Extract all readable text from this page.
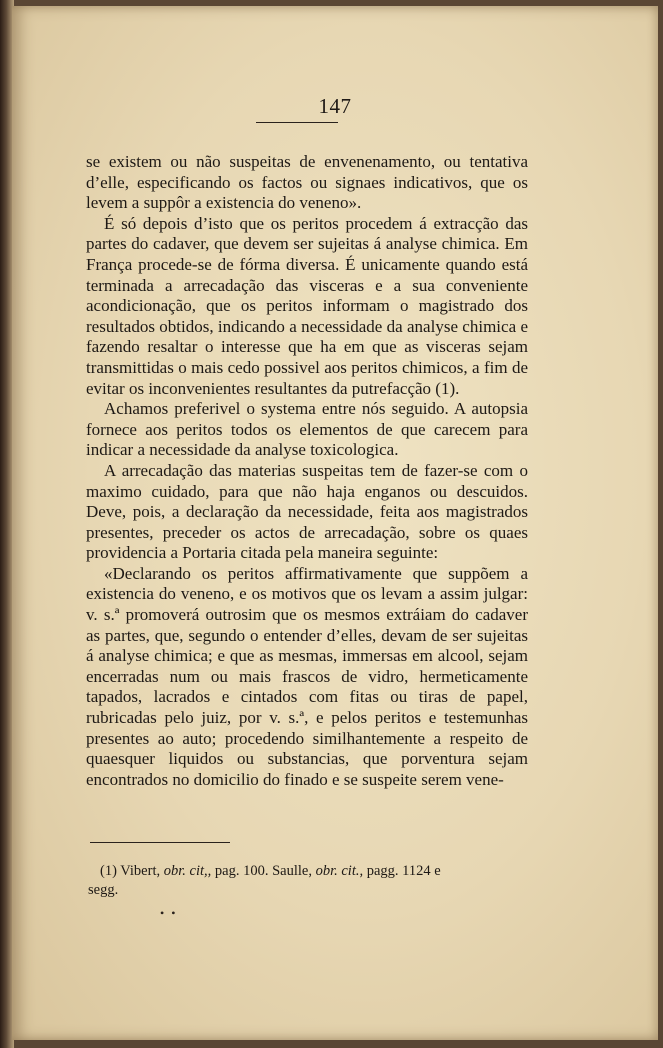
147

se existem ou não suspeitas de envenenamento, ou tentativa d’elle, especificando os factos ou signaes indicativos, que os levem a suppôr a existencia do veneno».

É só depois d’isto que os peritos procedem á extracção das partes do cadaver, que devem ser sujeitas á analyse chimica. Em França procede-se de fórma diversa. É unicamente quando está terminada a arrecadação das visceras e a sua conveniente acondicionação, que os peritos informam o magistrado dos resultados obtidos, indicando a necessidade da analyse chimica e fazendo resaltar o interesse que ha em que as visceras sejam transmittidas o mais cedo possivel aos peritos chimicos, a fim de evitar os inconvenientes resultantes da putrefacção (1).

Achamos preferivel o systema entre nós seguido. A autopsia fornece aos peritos todos os elementos de que carecem para indicar a necessidade da analyse toxicologica.

A arrecadação das materias suspeitas tem de fazer-se com o maximo cuidado, para que não haja enganos ou descuidos. Deve, pois, a declaração da necessidade, feita aos magistrados presentes, preceder os actos de arrecadação, sobre os quaes providencia a Portaria citada pela maneira seguinte:

«Declarando os peritos affirmativamente que suppõem a existencia do veneno, e os motivos que os levam a assim julgar: v. s.ª promoverá outrosim que os mesmos extráiam do cadaver as partes, que, segundo o entender d’elles, devam de ser sujeitas á analyse chimica; e que as mesmas, immersas em alcool, sejam encerradas num ou mais frascos de vidro, hermeticamente tapados, lacrados e cintados com fitas ou tiras de papel, rubricadas pelo juiz, por v. s.ª, e pelos peritos e testemunhas presentes ao auto; procedendo similhantemente a respeito de quaesquer liquidos ou substancias, que porventura sejam encontrados no domicilio do finado e se suspeite serem vene-

(1) Vibert, obr. cit,, pag. 100. Saulle, obr. cit., pagg. 1124 e
segg.
• •
